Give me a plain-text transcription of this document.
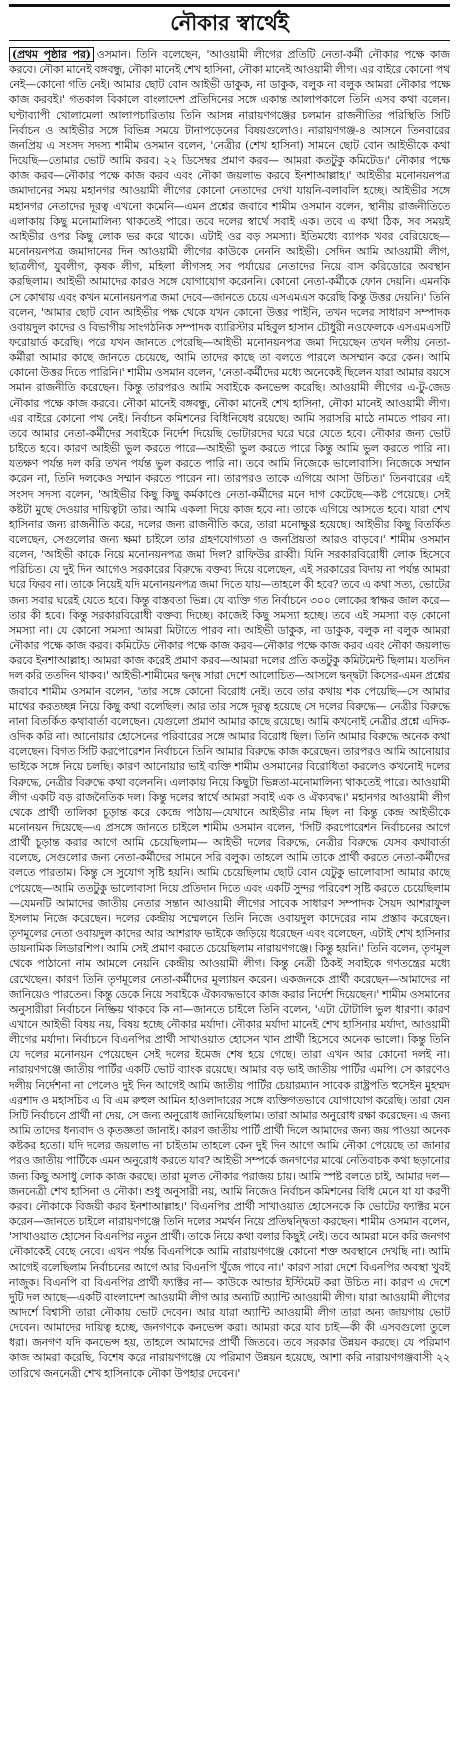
নৌকার স্বার্থেই

(প্রথম পৃষ্ঠার পর) ওসমান। তিনি বলেছেন, 'আওয়ামী লীগের প্রতিটি নেতা-কর্মী নৌকার পক্ষে কাজ করবে। নৌকা মানেই বঙ্গবন্ধু, নৌকা মানেই শেখ হাসিনা, নৌকা মানেই আওয়ামী লীগ। এর বাইরে কোনো পথ নেই—কোনো গতি নেই। আমার ছোট বোন আইভী ডাকুক, না ডাকুক, বলুক না বলুক আমরা নৌকার পক্ষে কাজ করবই।' গতকাল বিকালে বাংলাদেশ প্রতিদিনের সঙ্গে একান্ত আলাপকালে তিনি এসব কথা বলেন। ঘণ্টাব্যাপী খোলামেলা আলাপচারিতায় তিনি আসন্ন নারায়ণগঞ্জের চলমান রাজনীতির পরিস্থিতি সিটি নির্বাচন ও আইভীর সঙ্গে বিভিন্ন সময়ে টানাপড়েনের বিষয়গুলোও। নারায়ণগঞ্জ-৪ আসনে তিনবারের জনপ্রিয় এ সংসদ সদস্য শামীম ওসমান বলেন, 'নেত্রীর (শেখ হাসিনা) সামনে ছোট বোন আইভীকে কথা দিয়েছি—তোমার ভোট আমি করব। ২২ ডিসেম্বর প্রমাণ করব— আমরা কতটুকু কমিটেড।' নৌকার পক্ষে কাজ করব—নৌকার পক্ষে কাজ করব এবং নৌকা জয়লাভ করবে ইনশাআল্লাহ।' আইভীর মনোনয়নপত্র জমাদানের সময় মহানগর আওয়ামী লীগের কোনো নেতাদের দেখা যায়নি-বলাবলি হচ্ছে। আইভীর সঙ্গে মহানগর নেতাদের দূরত্ব এখনো কমেনি—এমন প্রশ্নের জবাবে শামীম ওসমান বলেন, স্থানীয় রাজনীতিতে এলাকায় কিছু মনোমালিন্য থাকতেই পারে। তবে দলের স্বার্থে সবাই এক। তবে এ কথা ঠিক, সব সময়ই আইভীর ওপর কিছু লোক ভর করে থাকে। এটাই ওর বড় সমস্যা। ইতিমধ্যে ব্যাপক খবর বেরিয়েছে—মনোনয়নপত্র জমাদানের দিন আওয়ামী লীগের কাউকে নেননি আইভী। সেদিন আমি আওয়ামী লীগ, ছাত্রলীগ, যুবলীগ, কৃষক লীগ, মহিলা লীগসহ সব পর্যায়ের নেতাদের নিয়ে বাস করিডোরে অবস্থান করছিলাম। আইভী আমাদের কারও সঙ্গে যোগাযোগ করেননি। কোনো নেতা-কর্মীকে ফোন দেয়নি। এমনকি সে কোথায় এবং কখন মনোনয়নপত্র জমা দেবে—জানতে চেয়ে এসএমএস করেছি কিন্তু উত্তর দেয়নি।' তিনি বলেন, 'আমার ছোট বোন আইভীর পক্ষ থেকে যখন কোনো উত্তর পাইনি, তখন দলের সাধারণ সম্পাদক ওবায়দুল কাদের ও বিভাগীয় সাংগঠনিক সম্পাদক ব্যারিস্টার মহিবুল হাসান চৌধুরী নওফেলকে এসএমএসটি ফরোয়ার্ড করেছি। পরে যখন জানতে পেরেছি—আইভী মনোনয়নপত্র জমা দিয়েছেন তখন দলীয় নেতা-কর্মীরা আমার কাছে জানতে চেয়েছে, আমি তাদের কাছে তা বলতে পারলে অসম্মান করে কেন। আমি কোনো উত্তর দিতে পারিনি।' শামীম ওসমান বলেন, 'নেতা-কর্মীদের মধ্যে অনেকেই ছিলেন যারা আমার বয়সে সমান রাজনীতি করেছেন। কিন্তু তারপরও আমি সবাইকে কনভেন্স করেছি। আওয়ামী লীগের এ-টু-জেড নৌকার পক্ষে কাজ করবে। নৌকা মানেই বঙ্গবন্ধু, নৌকা মানেই শেখ হাসিনা, নৌকা মানেই আওয়ামী লীগ। এর বাইরে কোনো পথ নেই। নির্বাচন কমিশনের বিধিনিষেধ রয়েছে। আমি সরাসরি মাঠে নামতে পারব না। তবে আমার নেতা-কর্মীদের সবাইকে নির্দেশ দিয়েছি ভোটারদের ঘরে ঘরে যেতে হবে। নৌকার জন্য ভোট চাইতে হবে। কারণ আইভী ভুল করতে পারে—আইভী ভুল করতে পারে কিন্তু আমি ভুল করতে পারি না। যতক্ষণ পর্যন্ত দল করি তখন পর্যন্ত ভুল করতে পারি না। তবে আমি নিজেকে ভালোবাসি। নিজেকে সম্মান করেন না, তিনি দলকেও সম্মান করতে পারেন না। তারপরও তাকে এগিয়ে আসা উচিত।' তিনবারের এই সংসদ সদস্য বলেন, 'আইভীর কিছু কিছু কর্মকাণ্ডে নেতা-কর্মীদের মনে দাগ কেটেছে—কষ্ট পেয়েছে। সেই কষ্টটা মুছে দেওয়ার দায়িত্বটা তার। আমি একলা দিয়ে কাজ হবে না। তাকে এগিয়ে আসতে হবে। যারা শেখ হাসিনার জন্য রাজনীতি করে, দলের জন্য রাজনীতি করে, তারা মনোক্ষুণ্ণ হয়েছে। আইভীর কিছু বিতর্কিত বলেছেন, সেগুলোর জন্য ক্ষমা চাইলে তার গ্রহণযোগ্যতা ও জনপ্রিয়তা আরও বাড়বে।' শামীম ওসমান বলেন, 'আইভী কাকে নিয়ে মনোনয়নপত্র জমা দিল? রাফিউর রাব্বী। যিনি সরকারবিরোধী লোক হিসেবে পরিচিত। যে দুই দিন আগেও সরকারের বিরুদ্ধে বক্তব্য দিয়ে বলেছেন, এই সরকারের বিদায় না পর্যন্ত আমরা ঘরে ফিরব না। তাকে নিয়েই যদি মনোনয়নপত্র জমা দিতে যায়—তাহলে কী হবে? তবে এ কথা সত্য, ভোটের জন্য সবার ঘরেই যেতে হবে। কিন্তু বাস্তবতা ভিন্ন। যে ব্যক্তি গত নির্বাচনে ৩০০ লোকের স্বাক্ষর জাল করে—তার কী হবে। কিন্তু সরকারবিরোধী বক্তব্য দিচ্ছে। কাজেই কিছু সমস্যা হচ্ছে। তবে এই সমস্যা বড় কোনো সমস্যা না। যে কোনো সমস্যা আমরা মিটাতে পারব না। আইভী ডাকুক, না ডাকুক, বলুক না বলুক আমরা নৌকার পক্ষে কাজ করব। কমিটেড নৌকার পক্ষে কাজ করব—নৌকার পক্ষে কাজ করব এবং নৌকা জয়লাভ করবে ইনশাআল্লাহ। আমরা কাজ করেই প্রমাণ করব—আমরা দলের প্রতি কতটুকু কমিটমেন্ট ছিলাম। যতদিন দল করি ততদিন থাকব।' আইভী-শামীমের দ্বন্দ্ব সারা দেশে আলোচিত—আসলে দ্বন্দ্বটা কিসের-এমন প্রশ্নের জবাবে শামীম ওসমান বলেন, 'তার সঙ্গে কোনো বিরোধ নেই। তবে তার কথায় শক পেয়েছি—সে আমার মাথের করতচ্ছন্ন নিয়ে কিছু কথা বলেছিল। আর তার সঙ্গে দূরত্ব হয়েছে সে দলের বিরুদ্ধে— নেত্রীর বিরুদ্ধে নানা বিতর্কিত কথাবার্তা বলেছেন। যেগুলো প্রমাণ আমার কাছে রয়েছে। আমি কখনোই নেত্রীর প্রশ্নে এদিক-ওদিক করি না। আনোয়ার হোসেনের পরিবারের সঙ্গে আমার বিরোধ ছিল। তিনি আমার বিরুদ্ধে অনেক কথা বলেছেন। বিগত সিটি করপোরেশন নির্বাচনে তিনি আমার বিরুদ্ধে কাজ করেছেন। তারপরও আমি আনোয়ার ভাইকে সঙ্গে নিয়ে চলছি। কারণ আনোয়ার ভাই ব্যক্তি শামীম ওসমানের বিরোধিতা করলেও কখনোই দলের বিরুদ্ধে, নেত্রীর বিরুদ্ধে কথা বলেননি। এলাকায় নিয়ে কিছুটা ভিন্নতা-মনোমালিন্য থাকতেই পারে। আওয়ামী লীগ একটি বড় রাজনৈতিক দল। কিন্তু দলের স্বার্থে আমরা সবাই এক ও ঐক্যবদ্ধ।' মহানগর আওয়ামী লীগ থেকে প্রার্থী তালিকা চূড়ান্ত করে কেন্দ্রে পাঠায়—যেখানে আইভীর নাম ছিল না কিন্তু কেন্দ্র আইভীকে মনোনয়ন দিয়েছে—এ প্রসঙ্গে জানতে চাইলে শামীম ওসমান বলেন, 'সিটি করপোরেশন নির্বাচনের আগে প্রার্থী চূড়ান্ত করার আগে আমি চেয়েছিলাম— আইভী দলের বিরুদ্ধে, নেত্রীর বিরুদ্ধে যেসব কথাবার্তা বলেছে, সেগুলোর জন্য নেতা-কর্মীদের সামনে সরি বলুক। তাহলে আমি তাকে প্রার্থী করতে নেতা-কর্মীদের বলতে পারতাম। কিন্তু সে সুযোগ সৃষ্টি হয়নি। আমি চেয়েছিলাম ছোট বোন যেটুকু ভালোবাসা আমার কাছে পেয়েছে—আমি ততটুকু ভালোবাসা দিয়ে প্রতিদান দিতে এবং একটি সুন্দর পরিবেশ সৃষ্টি করতে চেয়েছিলাম—যেমনটি আমাদের জাতীয় নেতার সন্তান আওয়ামী লীগের সাবেক সাধারণ সম্পাদক সৈয়দ আশরাফুল ইসলাম নিজে করেছেন। দলের কেন্দ্রীয় সম্মেলনে তিনি নিজে ওবায়দুল কাদেরের নাম প্রস্তাব করেছেন। তৃণমূলের নেতা ওবায়দুল কাদের আর আশরাফ ভাইকে জড়িয়ে ধরেছেন এবং বলেছেন, এটাই শেখ হাসিনার ডায়নামিক লিডারশিপ। আমি সেই প্রমাণ করতে চেয়েছিলাম নারায়ণগঞ্জে। কিন্তু হয়নি।' তিনি বলেন, তৃণমূল থেকে পাঠানো নাম আমলে নেয়নি কেন্দ্রীয় আওয়ামী লীগ। কিন্তু নেত্রী ঠিকই সবাইকে গণতন্ত্রের মধ্যে রেখেছেন। কারণ তিনি তৃণমূলের নেতা-কর্মীদের মূল্যায়ন করেন। একজনকে প্রার্থী করেছেন—আমাদের না জানিয়েও পারতেন। কিন্তু ডেকে নিয়ে সবাইকে ঐক্যবদ্ধভাবে কাজ করার নির্দেশ দিয়েছেন।' শামীম ওসমানের অনুসারীরা নির্বাচনে নিষ্ক্রিয় থাকবে কি না—জানতে চাইলে তিনি বলেন, 'এটা টোটালি ভুল ধারণা। কারণ এখানে আইভী বিষয় নয়, বিষয় হচ্ছে নৌকার মর্যাদা। নৌকার মর্যাদা মানেই শেখ হাসিনার মর্যাদা, আওয়ামী লীগের মর্যাদা। নির্বাচনে বিএনপির প্রার্থী সাখাওয়াত হোসেন খান প্রার্থী হিসেবে অনেক ভালো। কিন্তু তিনি যে দলের মনোনয়ন পেয়েছেন সেই দলের ইমেজ শেষ হয়ে গেছে। তারা এখন আর কোনো দলই না। নারায়ণগঞ্জে জাতীয় পার্টির একটি ভোট ব্যাংক রয়েছে। আমার বড় ভাই জাতীয় পার্টির এমপি। সে কারণেও দলীয় নির্দেশনা না পেলেও দুই দিন আগেই আমি জাতীয় পার্টির চেয়ারম্যান সাবেক রাষ্ট্রপতি হুসেইন মুহম্মদ এরশাদ ও মহাসচিব এ বি এম রুহুল আমিন হাওলাদারের সঙ্গে ব্যক্তিগতভাবে যোগাযোগ করেছি। তারা যেন সিটি নির্বাচনে প্রার্থী না দেয়, সে জন্য অনুরোধ জানিয়েছিলাম। তারা আমার অনুরোধ রক্ষা করেছেন। এ জন্য আমি তাদের ধন্যবাদ ও কৃতজ্ঞতা জানাই। কারণ জাতীয় পার্টি প্রার্থী দিলে আমাদের জন্য জয় পাওয়া অনেক কষ্টকর হতো। যদি দলের জয়লাভ না চাইতাম তাহলে কেন দুই দিন আগে আমি নৌকা পেয়েছে তা জানার পরও জাতীয় পার্টিকে এমন অনুরোধ করতে যাব? আইভী সম্পর্কে জনগণের মাঝে নেতিবাচক কথা ছড়ানোর জন্য কিছু অসাধু লোক কাজ করছে। তারা মূলত নৌকার পরাজয় চায়। আমি স্পষ্ট বলতে চাই, আমার দল—জননেত্রী শেখ হাসিনা ও নৌকা। শুধু অনুসারী নয়, আমি নিজেও নির্বাচন কমিশনের বিধি মেনে যা যা করণী করব। নৌকাকে বিজয়ী করব ইনশাআল্লাহ।' বিএনপির প্রার্থী সাখাওয়াত হোসেনকে কি ভোটের ফ্যাক্টর মনে করেন—জানতে চাইলে নারায়ণগঞ্জে তিনি দলের সমর্থন নিয়ে প্রতিদ্বন্দ্বিতা করছেন। শামীম ওসমান বলেন, 'সাখাওয়াত হোসেন বিএনপির নতুন প্রার্থী। তাকে নিয়ে কথা বলার কিছুই নেই। তবে আমরা মনে করি জনগণ নৌকাকেই বেছে নেবে। এখন পর্যন্ত বিএনপিকে আমি নারায়ণগঞ্জে কোনো শক্ত অবস্থানে দেখছি না। আমি আগেই বলেছিলাম নির্বাচনের আগে আর বিএনপি খুঁজে পাবে না।' কারণ সারা দেশে বিএনপির অবস্থা খুবই নাজুক। বিএনপি বা বিএনপির প্রার্থী ফ্যাক্টর না— কাউকে আন্ডার ইস্টিমেট করা উচিত না। কারণ এ দেশে দুটি দল আছে—একটি বাংলাদেশ আওয়ামী লীগ আর অন্যটি অ্যান্টি আওয়ামী লীগ। যারা আওয়ামী লীগের আদর্শে বিশ্বাসী তারা নৌকায় ভোট দেবেন। আর যারা অ্যান্টি আওয়ামী লীগ তারা অন্য জায়গায় ভোট দেবেন। আমাদের দায়িত্ব হচ্ছে, জনগণকে কনভেন্স করা। আমরা করে যাব চাই—কী কী এসবগুলো তুলে ধরা। জনগণ যদি কনভেন্স হয়, তাহলে আমাদের প্রার্থী জিতবে। তবে সরকার উন্নয়ন করছে। যে পরিমাণ কাজ আমরা করেছি, বিশেষ করে নারায়ণগঞ্জে যে পরিমাণ উন্নয়ন হয়েছে, আশা করি নারায়ণগঞ্জবাসী ২২ তারিখে জননেত্রী শেখ হাসিনাকে নৌকা উপহার দেবেন।'
